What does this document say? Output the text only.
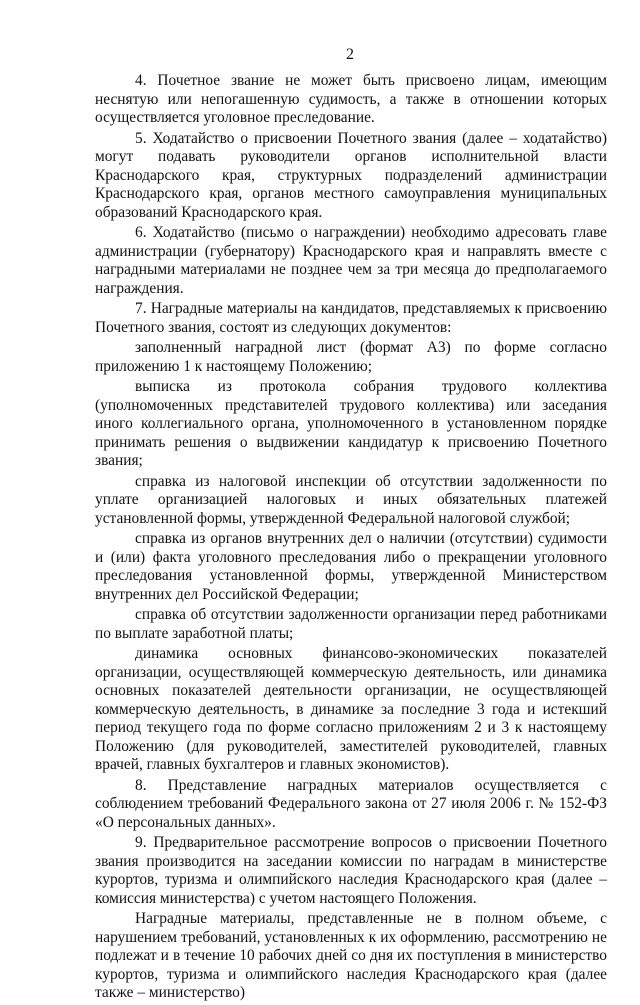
2

4. Почетное звание не может быть присвоено лицам, имеющим неснятую или непогашенную судимость, а также в отношении которых осуществляется уголовное преследование.

5. Ходатайство о присвоении Почетного звания (далее – ходатайство) могут подавать руководители органов исполнительной власти Краснодарского края, структурных подразделений администрации Краснодарского края, органов местного самоуправления муниципальных образований Краснодарского края.

6. Ходатайство (письмо о награждении) необходимо адресовать главе администрации (губернатору) Краснодарского края и направлять вместе с наградными материалами не позднее чем за три месяца до предполагаемого награждения.

7. Наградные материалы на кандидатов, представляемых к присвоению Почетного звания, состоят из следующих документов:

заполненный наградной лист (формат А3) по форме согласно приложению 1 к настоящему Положению;

выписка из протокола собрания трудового коллектива (уполномоченных представителей трудового коллектива) или заседания иного коллегиального органа, уполномоченного в установленном порядке принимать решения о выдвижении кандидатур к присвоению Почетного звания;

справка из налоговой инспекции об отсутствии задолженности по уплате организацией налоговых и иных обязательных платежей установленной формы, утвержденной Федеральной налоговой службой;

справка из органов внутренних дел о наличии (отсутствии) судимости и (или) факта уголовного преследования либо о прекращении уголовного преследования установленной формы, утвержденной Министерством внутренних дел Российской Федерации;

справка об отсутствии задолженности организации перед работниками по выплате заработной платы;

динамика основных финансово-экономических показателей организации, осуществляющей коммерческую деятельность, или динамика основных показателей деятельности организации, не осуществляющей коммерческую деятельность, в динамике за последние 3 года и истекший период текущего года по форме согласно приложениям 2 и 3 к настоящему Положению (для руководителей, заместителей руководителей, главных врачей, главных бухгалтеров и главных экономистов).

8. Представление наградных материалов осуществляется с соблюдением требований Федерального закона от 27 июля 2006 г. № 152-ФЗ «О персональных данных».

9. Предварительное рассмотрение вопросов о присвоении Почетного звания производится на заседании комиссии по наградам в министерстве курортов, туризма и олимпийского наследия Краснодарского края (далее – комиссия министерства) с учетом настоящего Положения.

Наградные материалы, представленные не в полном объеме, с нарушением требований, установленных к их оформлению, рассмотрению не подлежат и в течение 10 рабочих дней со дня их поступления в министерство курортов, туризма и олимпийского наследия Краснодарского края (далее также – министерство)
